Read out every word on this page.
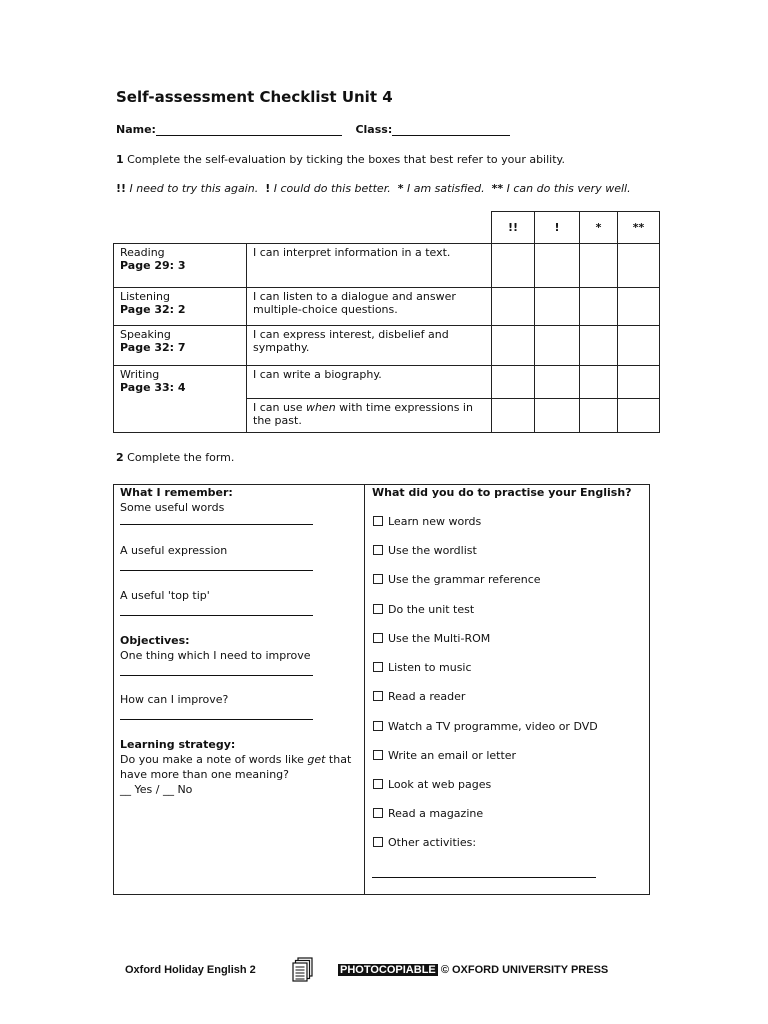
Self-assessment Checklist Unit 4
Name:	Class:
1 Complete the self-evaluation by ticking the boxes that best refer to your ability.
!! I need to try this again. ! I could do this better. * I am satisfied. ** I can do this very well.
		!!	!	*	**
Reading
Page 29: 3	I can interpret information in a text.				
Listening
Page 32: 2	I can listen to a dialogue and answer multiple-choice questions.				
Speaking
Page 32: 7	I can express interest, disbelief and sympathy.				
Writing
Page 33: 4	I can write a biography.				
	I can use when with time expressions in the past.				
2 Complete the form.
What I remember:
Some useful words
A useful expression
A useful 'top tip'
Objectives:
One thing which I need to improve
How can I improve?
Learning strategy:
Do you make a note of words like get that have more than one meaning?
__ Yes / __ No
What did you do to practise your English?
Learn new words
Use the wordlist
Use the grammar reference
Do the unit test
Use the Multi-ROM
Listen to music
Read a reader
Watch a TV programme, video or DVD
Write an email or letter
Look at web pages
Read a magazine
Other activities:
Oxford Holiday English 2	PHOTOCOPIABLE © OXFORD UNIVERSITY PRESS
